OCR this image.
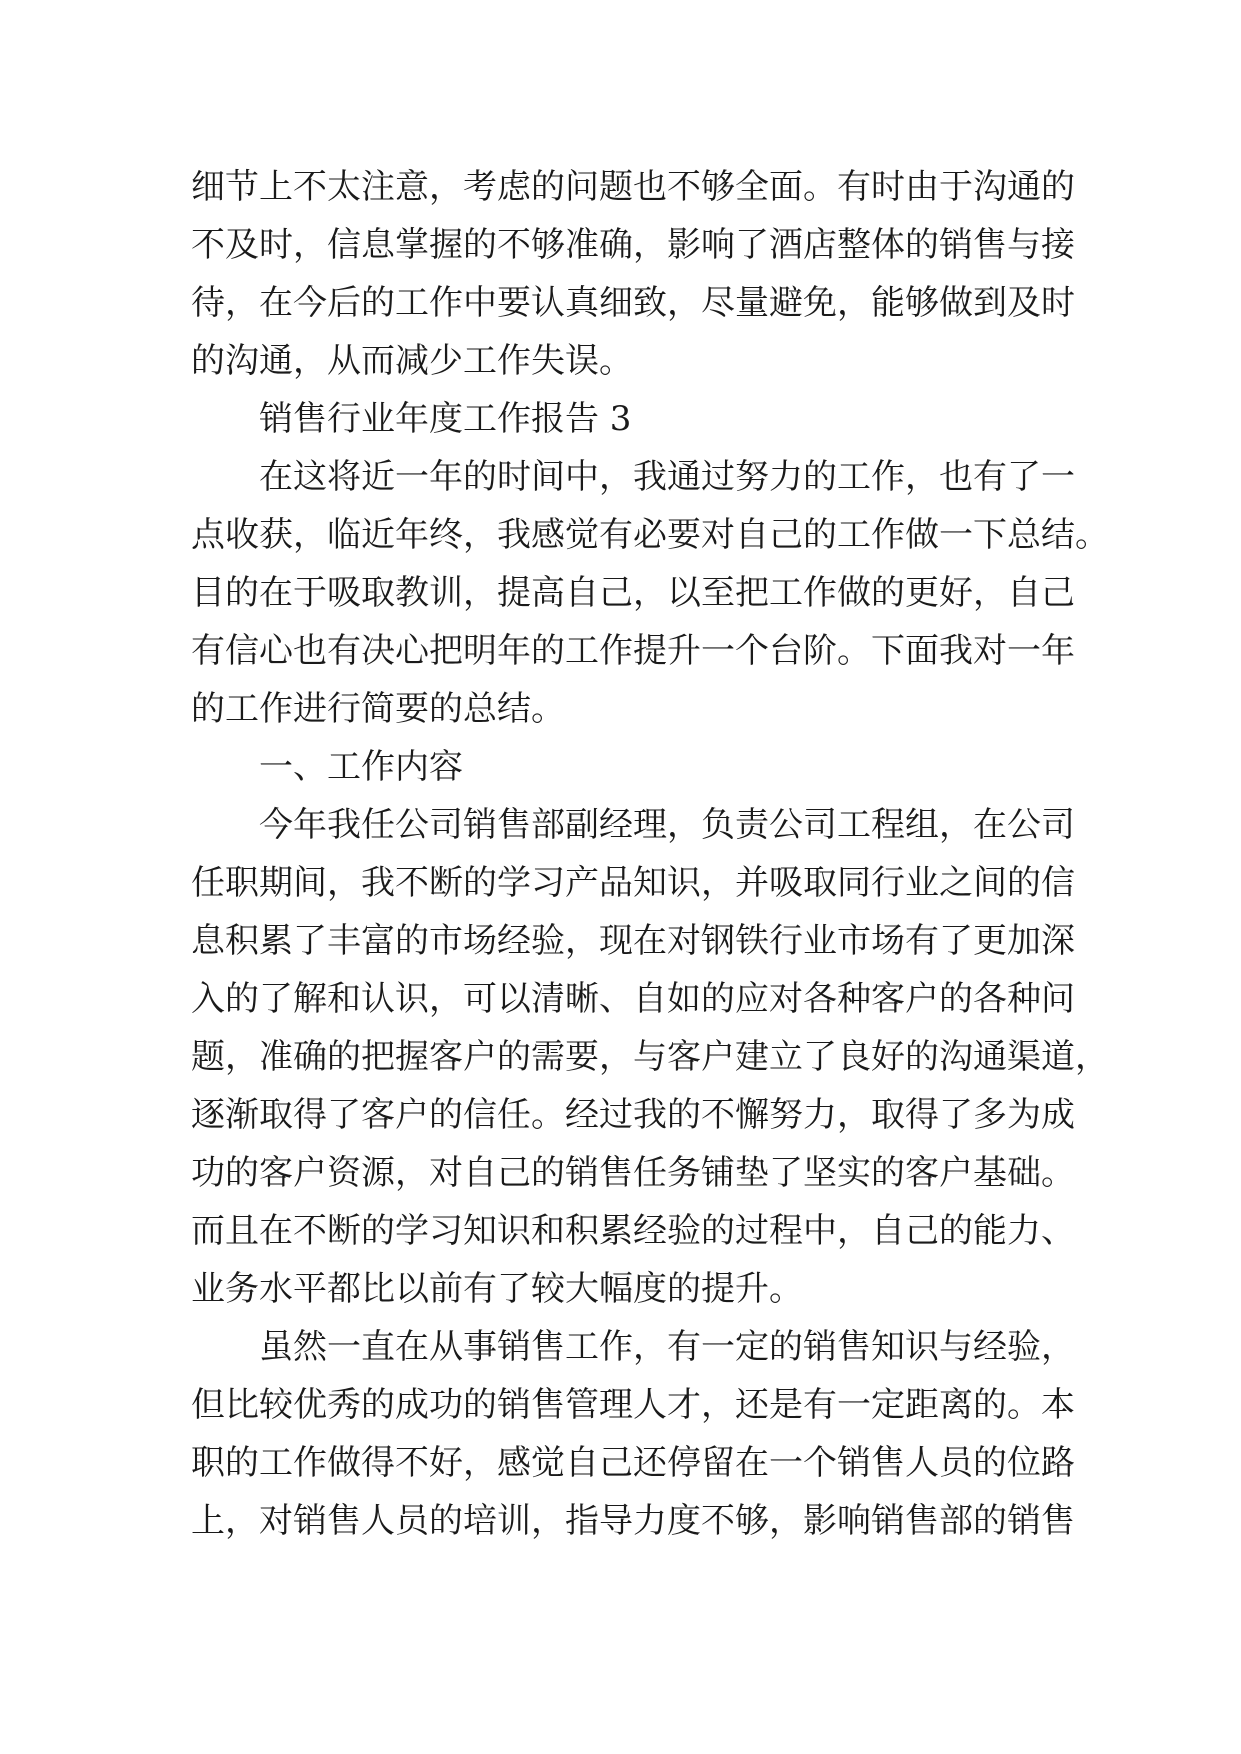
细节上不太注意，考虑的问题也不够全面。有时由于沟通的
不及时，信息掌握的不够准确，影响了酒店整体的销售与接
待，在今后的工作中要认真细致，尽量避免，能够做到及时
的沟通，从而减少工作失误。
销售行业年度工作报告 3
在这将近一年的时间中，我通过努力的工作，也有了一
点收获，临近年终，我感觉有必要对自己的工作做一下总结。
目的在于吸取教训，提高自己，以至把工作做的更好，自己
有信心也有决心把明年的工作提升一个台阶。下面我对一年
的工作进行简要的总结。
一、工作内容
今年我任公司销售部副经理，负责公司工程组，在公司
任职期间，我不断的学习产品知识，并吸取同行业之间的信
息积累了丰富的市场经验，现在对钢铁行业市场有了更加深
入的了解和认识，可以清晰、自如的应对各种客户的各种问
题，准确的把握客户的需要，与客户建立了良好的沟通渠道，
逐渐取得了客户的信任。经过我的不懈努力，取得了多为成
功的客户资源，对自己的销售任务铺垫了坚实的客户基础。
而且在不断的学习知识和积累经验的过程中，自己的能力、
业务水平都比以前有了较大幅度的提升。
虽然一直在从事销售工作，有一定的销售知识与经验，
但比较优秀的成功的销售管理人才，还是有一定距离的。本
职的工作做得不好，感觉自己还停留在一个销售人员的位路
上，对销售人员的培训，指导力度不够，影响销售部的销售
